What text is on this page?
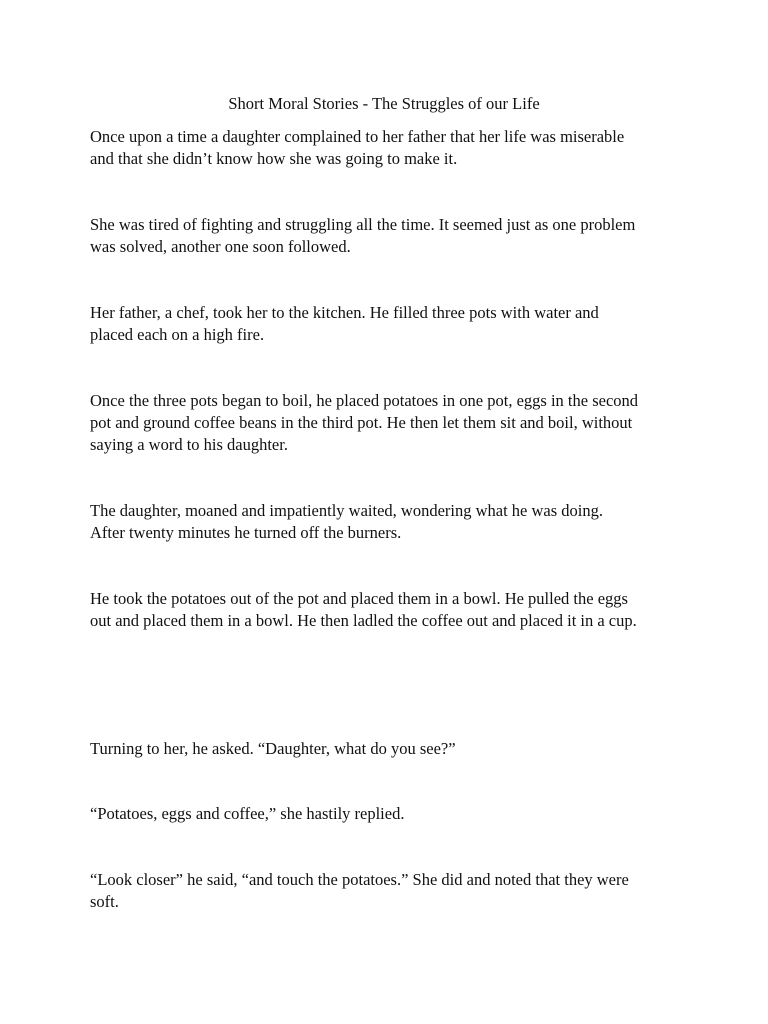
Short Moral Stories - The Struggles of our Life

Once upon a time a daughter complained to her father that her life was miserable
and that she didn’t know how she was going to make it.

She was tired of fighting and struggling all the time. It seemed just as one problem
was solved, another one soon followed.

Her father, a chef, took her to the kitchen. He filled three pots with water and
placed each on a high fire.

Once the three pots began to boil, he placed potatoes in one pot, eggs in the second
pot and ground coffee beans in the third pot. He then let them sit and boil, without
saying a word to his daughter.

The daughter, moaned and impatiently waited, wondering what he was doing.
After twenty minutes he turned off the burners.

He took the potatoes out of the pot and placed them in a bowl. He pulled the eggs
out and placed them in a bowl. He then ladled the coffee out and placed it in a cup.

Turning to her, he asked. “Daughter, what do you see?”

“Potatoes, eggs and coffee,” she hastily replied.

“Look closer” he said, “and touch the potatoes.” She did and noted that they were
soft.
